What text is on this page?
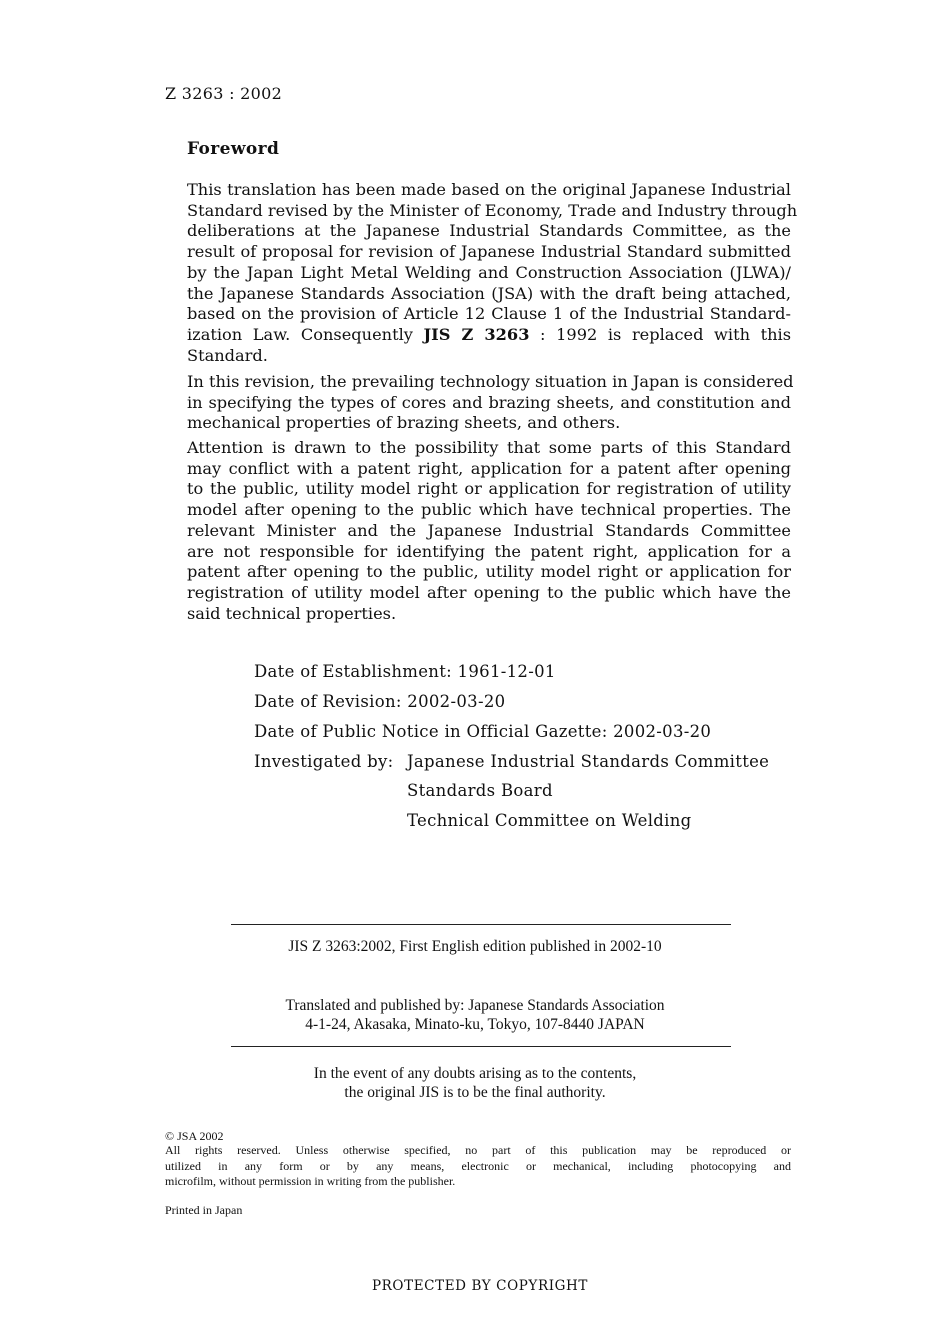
Z 3263 : 2002
Foreword
This translation has been made based on the original Japanese Industrial
Standard revised by the Minister of Economy, Trade and Industry through
deliberations at the Japanese Industrial Standards Committee, as the
result of proposal for revision of Japanese Industrial Standard submitted
by the Japan Light Metal Welding and Construction Association (JLWA)/
the Japanese Standards Association (JSA) with the draft being attached,
based on the provision of Article 12 Clause 1 of the Industrial Standard-
ization Law. Consequently JIS Z 3263 : 1992 is replaced with this
Standard.
In this revision, the prevailing technology situation in Japan is considered
in specifying the types of cores and brazing sheets, and constitution and
mechanical properties of brazing sheets, and others.
Attention is drawn to the possibility that some parts of this Standard
may conflict with a patent right, application for a patent after opening
to the public, utility model right or application for registration of utility
model after opening to the public which have technical properties. The
relevant Minister and the Japanese Industrial Standards Committee
are not responsible for identifying the patent right, application for a
patent after opening to the public, utility model right or application for
registration of utility model after opening to the public which have the
said technical properties.
Date of Establishment: 1961-12-01
Date of Revision: 2002-03-20
Date of Public Notice in Official Gazette: 2002-03-20
Investigated by: Japanese Industrial Standards Committee
Standards Board
Technical Committee on Welding
JIS Z 3263:2002, First English edition published in 2002-10
Translated and published by: Japanese Standards Association
4-1-24, Akasaka, Minato-ku, Tokyo, 107-8440 JAPAN
In the event of any doubts arising as to the contents,
the original JIS is to be the final authority.
© JSA 2002
All rights reserved. Unless otherwise specified, no part of this publication may be reproduced or
utilized in any form or by any means, electronic or mechanical, including photocopying and
microfilm, without permission in writing from the publisher.
Printed in Japan
PROTECTED BY COPYRIGHT
